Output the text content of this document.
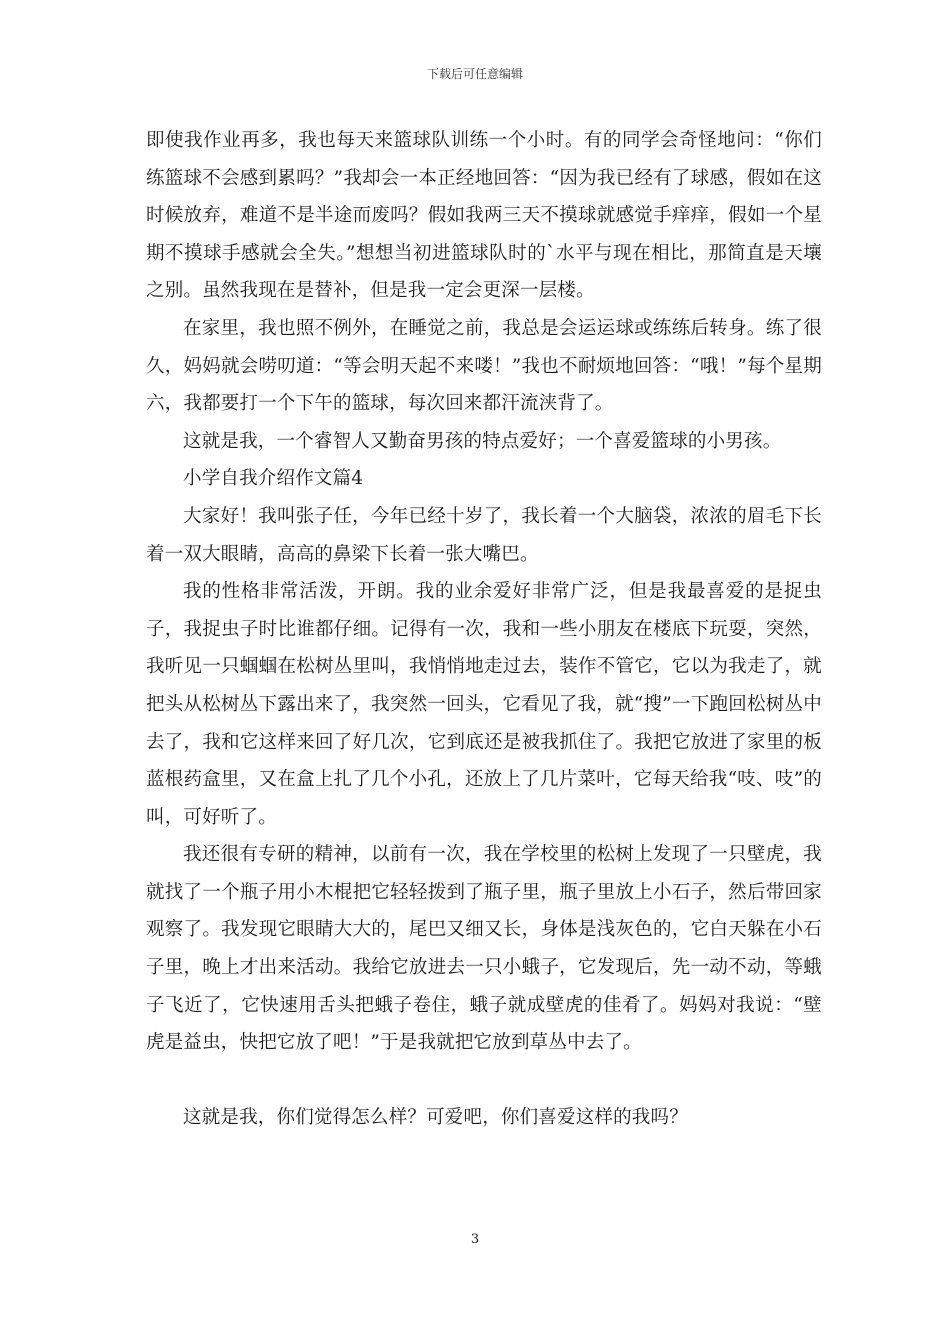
下载后可任意编辑

即使我作业再多，我也每天来篮球队训练一个小时。有的同学会奇怪地问：“你们练篮球不会感到累吗？”我却会一本正经地回答：“因为我已经有了球感，假如在这时候放弃，难道不是半途而废吗？假如我两三天不摸球就感觉手痒痒，假如一个星期不摸球手感就会全失。”想想当初进篮球队时的`水平与现在相比，那简直是天壤之别。虽然我现在是替补，但是我一定会更深一层楼。

在家里，我也照不例外，在睡觉之前，我总是会运运球或练练后转身。练了很久，妈妈就会唠叨道：“等会明天起不来喽！”我也不耐烦地回答：“哦！”每个星期六，我都要打一个下午的篮球，每次回来都汗流浃背了。

这就是我，一个睿智人又勤奋男孩的特点爱好；一个喜爱篮球的小男孩。

小学自我介绍作文篇4

大家好！我叫张子任，今年已经十岁了，我长着一个大脑袋，浓浓的眉毛下长着一双大眼睛，高高的鼻梁下长着一张大嘴巴。

我的性格非常活泼，开朗。我的业余爱好非常广泛，但是我最喜爱的是捉虫子，我捉虫子时比谁都仔细。记得有一次，我和一些小朋友在楼底下玩耍，突然，我听见一只蝈蝈在松树丛里叫，我悄悄地走过去，装作不管它，它以为我走了，就把头从松树丛下露出来了，我突然一回头，它看见了我，就“搜”一下跑回松树丛中去了，我和它这样来回了好几次，它到底还是被我抓住了。我把它放进了家里的板蓝根药盒里，又在盒上扎了几个小孔，还放上了几片菜叶，它每天给我“吱、吱”的叫，可好听了。

我还很有专研的精神，以前有一次，我在学校里的松树上发现了一只壁虎，我就找了一个瓶子用小木棍把它轻轻拨到了瓶子里，瓶子里放上小石子，然后带回家观察了。我发现它眼睛大大的，尾巴又细又长，身体是浅灰色的，它白天躲在小石子里，晚上才出来活动。我给它放进去一只小蛾子，它发现后，先一动不动，等蛾子飞近了，它快速用舌头把蛾子卷住，蛾子就成壁虎的佳肴了。妈妈对我说：“壁虎是益虫，快把它放了吧！”于是我就把它放到草丛中去了。

这就是我，你们觉得怎么样？可爱吧，你们喜爱这样的我吗？

3
